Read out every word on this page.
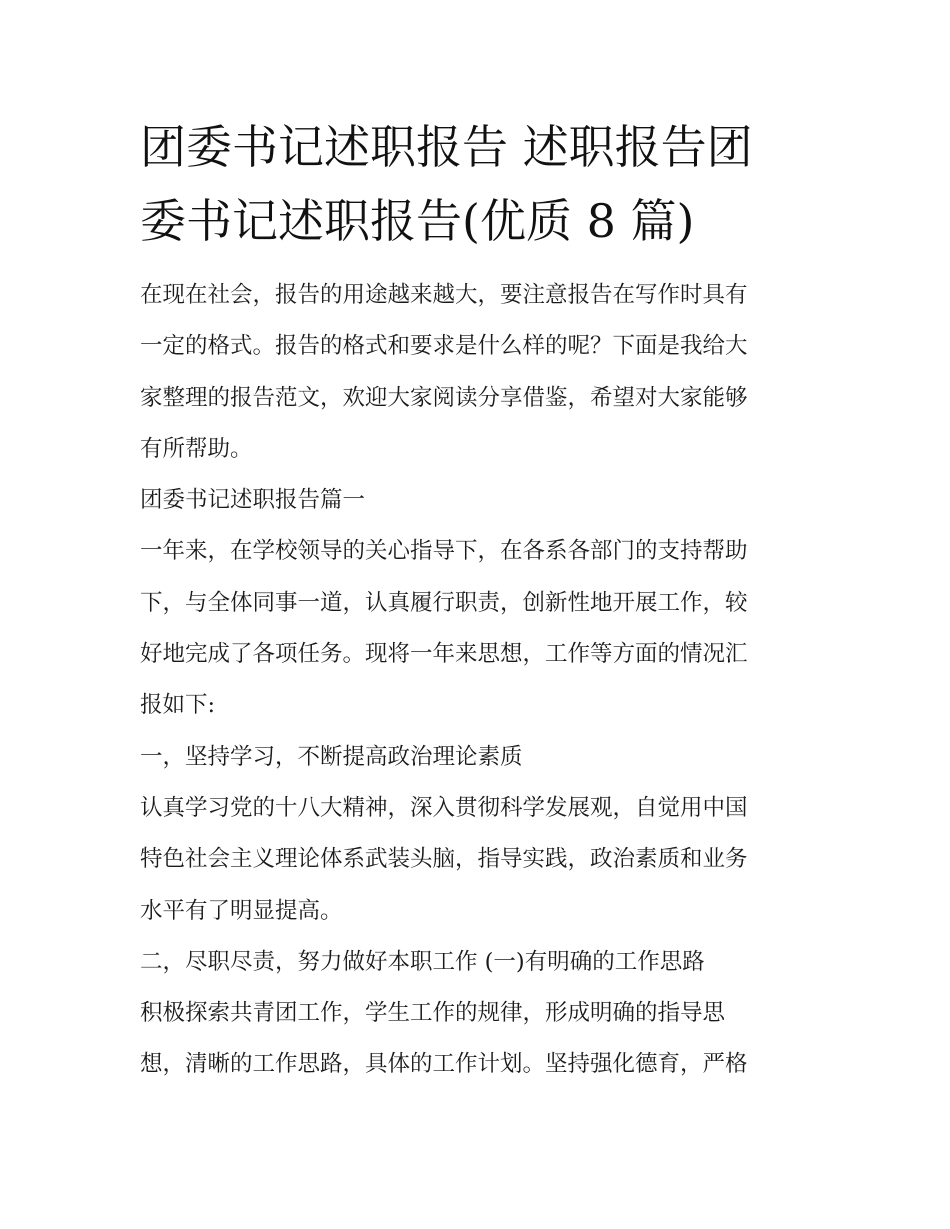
团委书记述职报告 述职报告团
委书记述职报告(优质 8 篇)
在现在社会，报告的用途越来越大，要注意报告在写作时具有
一定的格式。报告的格式和要求是什么样的呢？下面是我给大
家整理的报告范文，欢迎大家阅读分享借鉴，希望对大家能够
有所帮助。
团委书记述职报告篇一
一年来，在学校领导的关心指导下，在各系各部门的支持帮助
下，与全体同事一道，认真履行职责，创新性地开展工作，较
好地完成了各项任务。现将一年来思想，工作等方面的情况汇
报如下:
一，坚持学习，不断提高政治理论素质
认真学习党的十八大精神，深入贯彻科学发展观，自觉用中国
特色社会主义理论体系武装头脑，指导实践，政治素质和业务
水平有了明显提高。
二，尽职尽责，努力做好本职工作 (一)有明确的工作思路
积极探索共青团工作，学生工作的规律，形成明确的指导思
想，清晰的工作思路，具体的工作计划。坚持强化德育，严格
